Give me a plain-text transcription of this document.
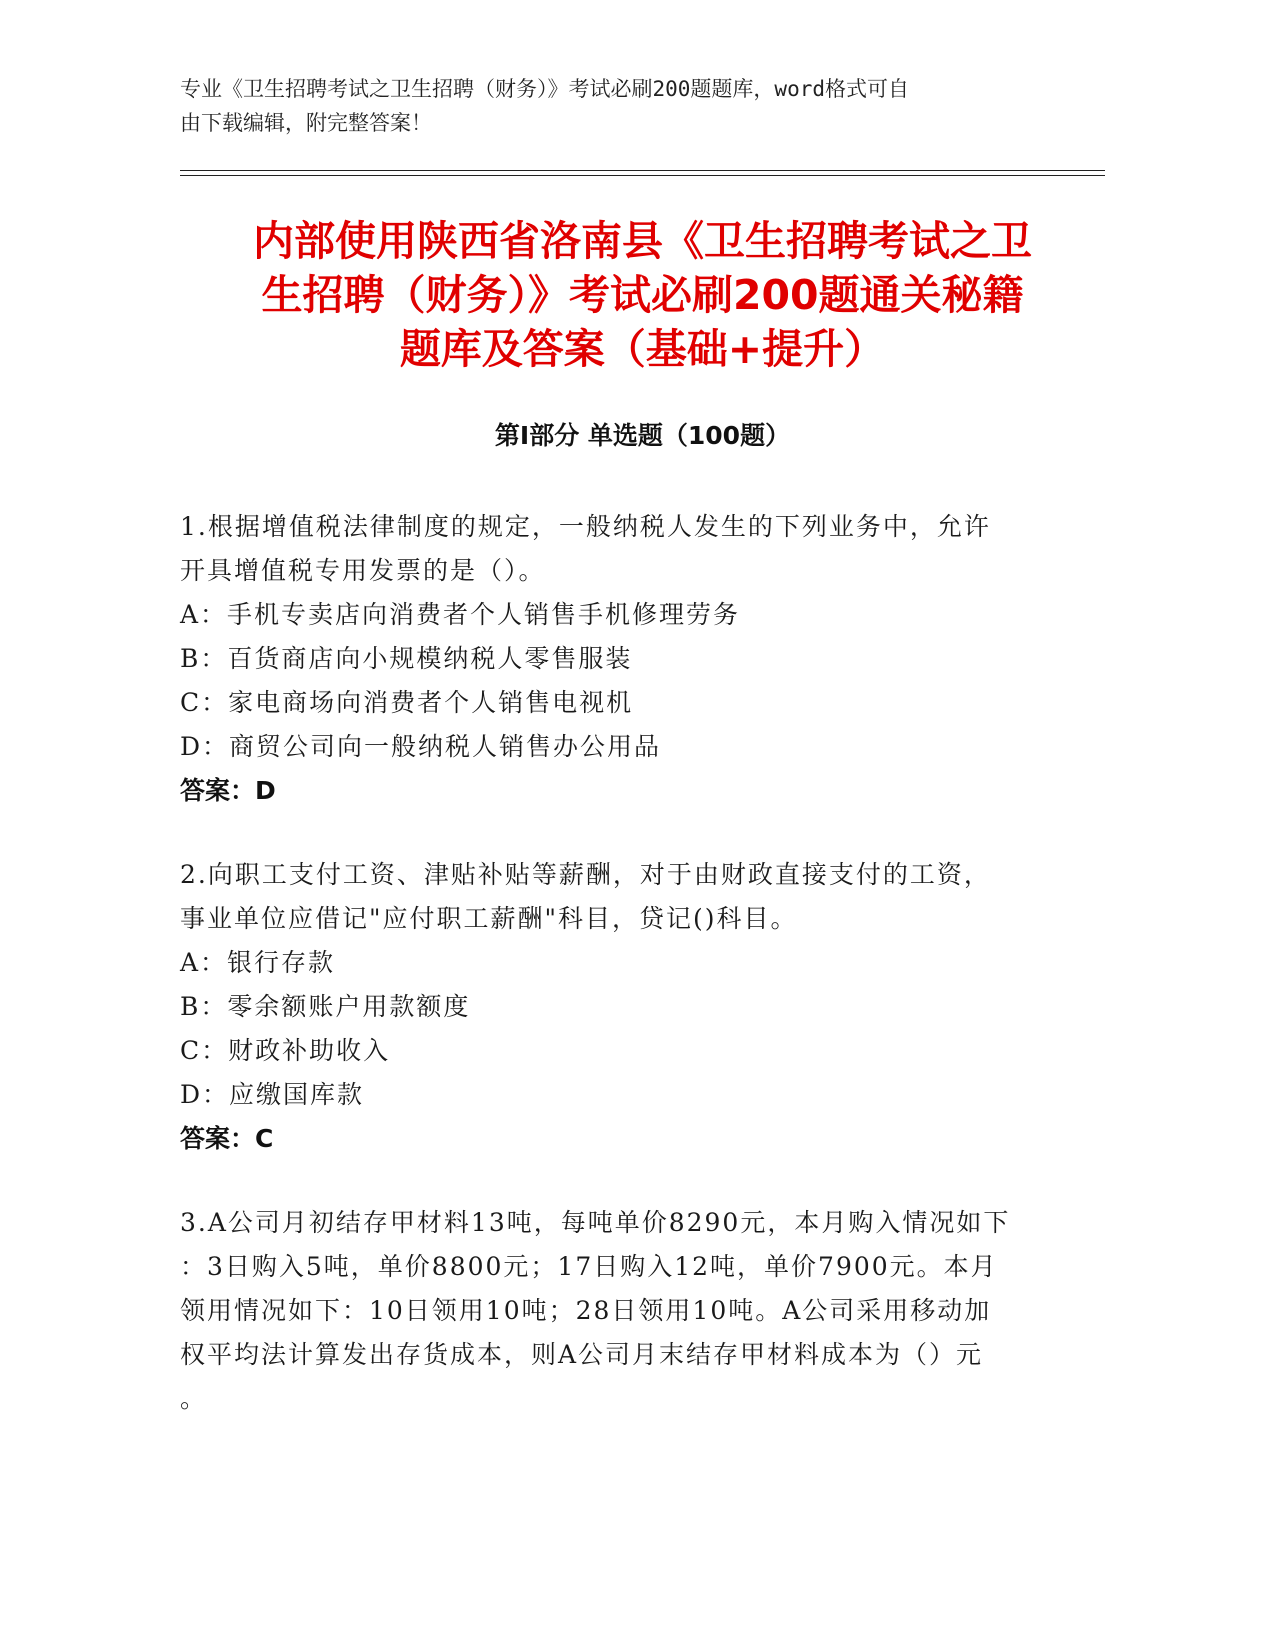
专业《卫生招聘考试之卫生招聘（财务）》考试必刷200题题库，word格式可自
由下载编辑，附完整答案！
内部使用陕西省洛南县《卫生招聘考试之卫
生招聘（财务）》考试必刷200题通关秘籍
题库及答案（基础+提升）
第Ⅰ部分 单选题（100题）
1.根据增值税法律制度的规定，一般纳税人发生的下列业务中，允许
开具增值税专用发票的是（）。
A：手机专卖店向消费者个人销售手机修理劳务
B：百货商店向小规模纳税人零售服装
C：家电商场向消费者个人销售电视机
D：商贸公司向一般纳税人销售办公用品
答案：D
2.向职工支付工资、津贴补贴等薪酬，对于由财政直接支付的工资，
事业单位应借记"应付职工薪酬"科目，贷记()科目。
A：银行存款
B：零余额账户用款额度
C：财政补助收入
D：应缴国库款
答案：C
3.A公司月初结存甲材料13吨，每吨单价8290元，本月购入情况如下
：3日购入5吨，单价8800元；17日购入12吨，单价7900元。本月
领用情况如下：10日领用10吨；28日领用10吨。A公司采用移动加
权平均法计算发出存货成本，则A公司月末结存甲材料成本为（）元
。
